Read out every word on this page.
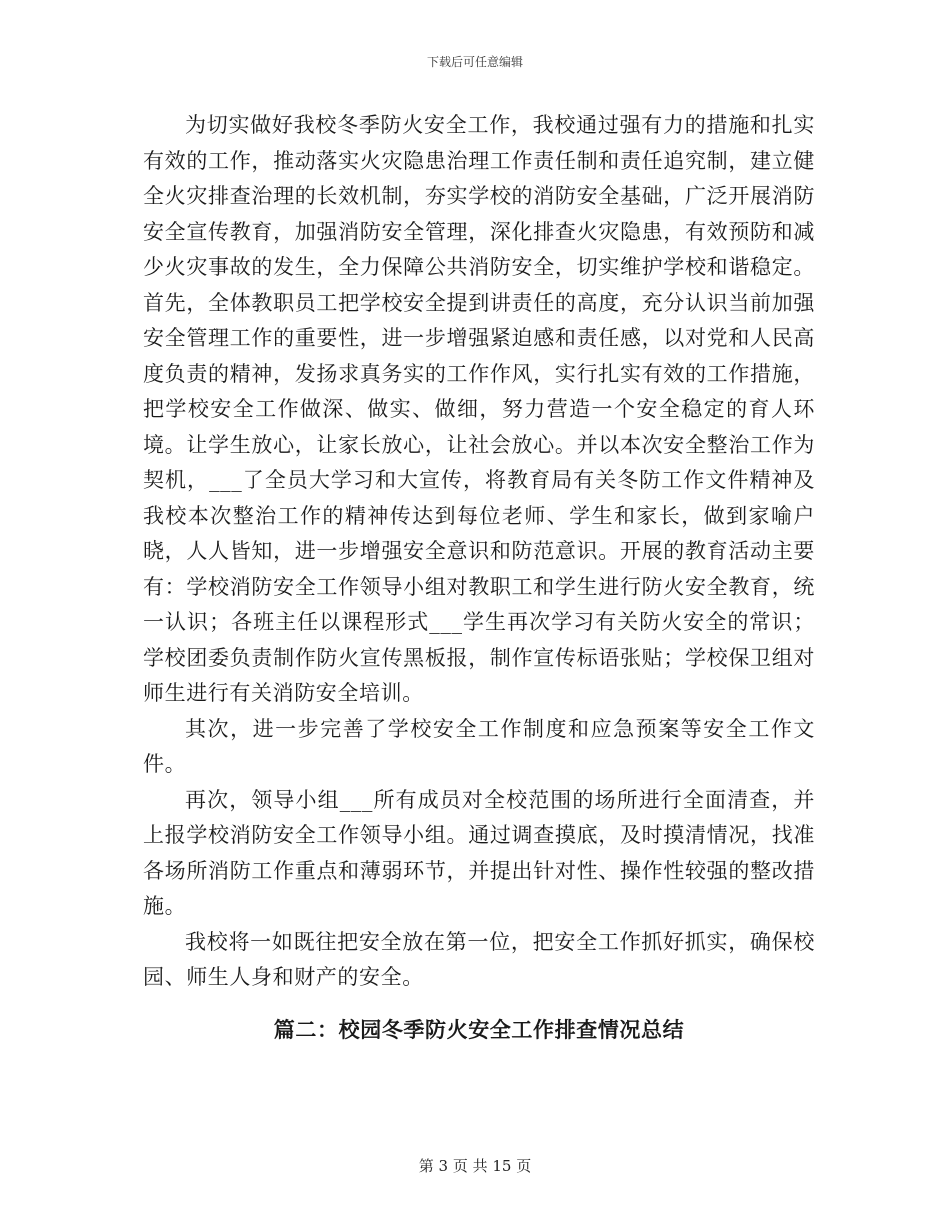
下载后可任意编辑

为切实做好我校冬季防火安全工作，我校通过强有力的措施和扎实有效的工作，推动落实火灾隐患治理工作责任制和责任追究制，建立健全火灾排查治理的长效机制，夯实学校的消防安全基础，广泛开展消防安全宣传教育，加强消防安全管理，深化排查火灾隐患，有效预防和减少火灾事故的发生，全力保障公共消防安全，切实维护学校和谐稳定。首先，全体教职员工把学校安全提到讲责任的高度，充分认识当前加强安全管理工作的重要性，进一步增强紧迫感和责任感，以对党和人民高度负责的精神，发扬求真务实的工作作风，实行扎实有效的工作措施，把学校安全工作做深、做实、做细，努力营造一个安全稳定的育人环境。让学生放心，让家长放心，让社会放心。并以本次安全整治工作为契机，___了全员大学习和大宣传，将教育局有关冬防工作文件精神及我校本次整治工作的精神传达到每位老师、学生和家长，做到家喻户晓，人人皆知，进一步增强安全意识和防范意识。开展的教育活动主要有：学校消防安全工作领导小组对教职工和学生进行防火安全教育，统一认识；各班主任以课程形式___学生再次学习有关防火安全的常识；学校团委负责制作防火宣传黑板报，制作宣传标语张贴；学校保卫组对师生进行有关消防安全培训。

其次，进一步完善了学校安全工作制度和应急预案等安全工作文件。

再次，领导小组___所有成员对全校范围的场所进行全面清查，并上报学校消防安全工作领导小组。通过调查摸底，及时摸清情况，找准各场所消防工作重点和薄弱环节，并提出针对性、操作性较强的整改措施。

我校将一如既往把安全放在第一位，把安全工作抓好抓实，确保校园、师生人身和财产的安全。

篇二：校园冬季防火安全工作排查情况总结
第 3 页 共 15 页
